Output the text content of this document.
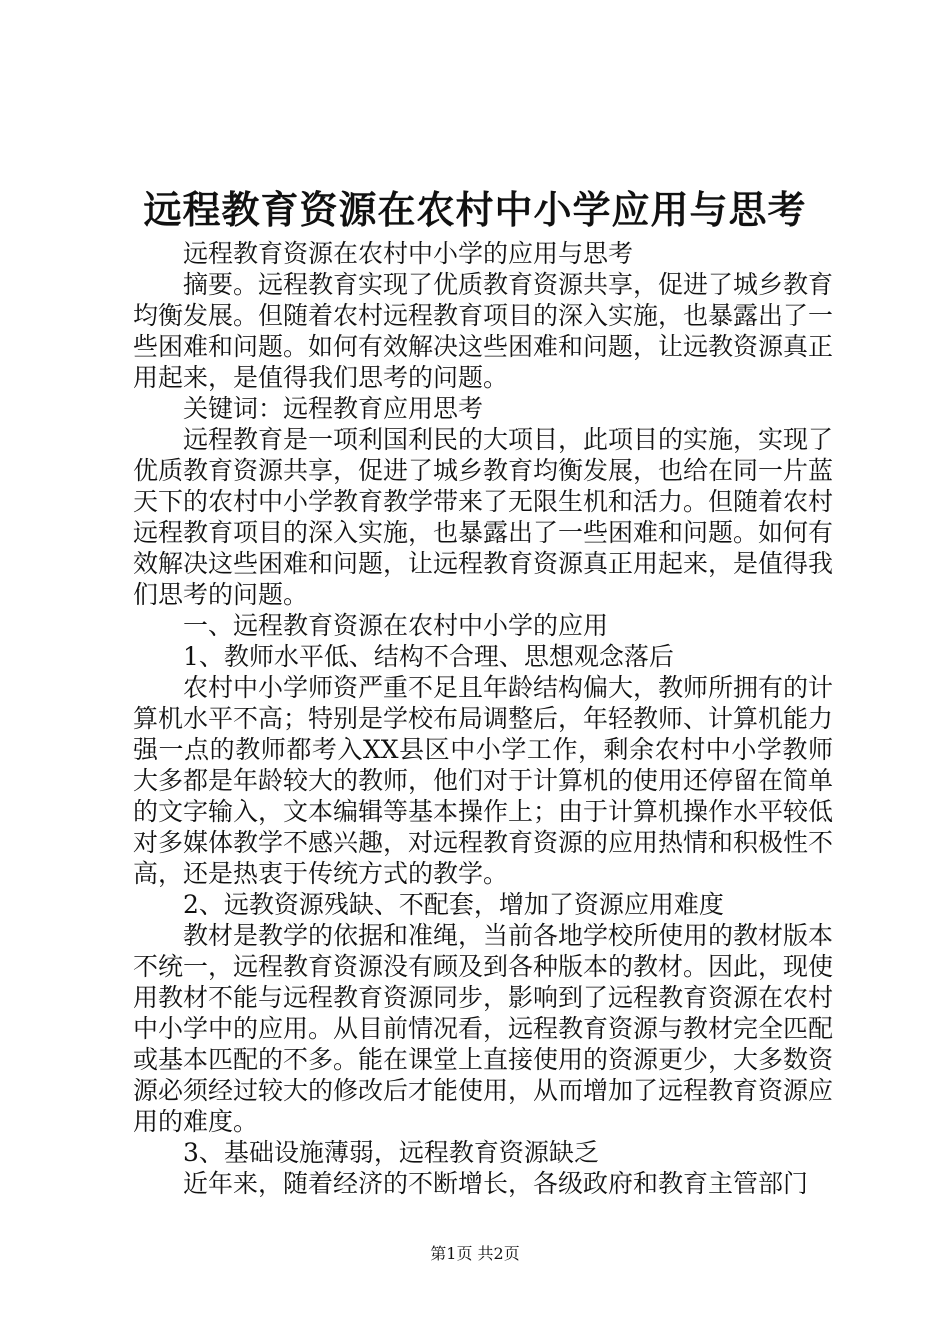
远程教育资源在农村中小学应用与思考

远程教育资源在农村中小学的应用与思考

摘要。远程教育实现了优质教育资源共享，促进了城乡教育均衡发展。但随着农村远程教育项目的深入实施，也暴露出了一些困难和问题。如何有效解决这些困难和问题，让远教资源真正用起来，是值得我们思考的问题。

关键词：远程教育应用思考

远程教育是一项利国利民的大项目，此项目的实施，实现了优质教育资源共享，促进了城乡教育均衡发展，也给在同一片蓝天下的农村中小学教育教学带来了无限生机和活力。但随着农村远程教育项目的深入实施，也暴露出了一些困难和问题。如何有效解决这些困难和问题，让远程教育资源真正用起来，是值得我们思考的问题。

一、远程教育资源在农村中小学的应用

1、教师水平低、结构不合理、思想观念落后

农村中小学师资严重不足且年龄结构偏大，教师所拥有的计算机水平不高；特别是学校布局调整后，年轻教师、计算机能力强一点的教师都考入XX县区中小学工作，剩余农村中小学教师大多都是年龄较大的教师，他们对于计算机的使用还停留在简单的文字输入，文本编辑等基本操作上；由于计算机操作水平较低对多媒体教学不感兴趣，对远程教育资源的应用热情和积极性不高，还是热衷于传统方式的教学。

2、远教资源残缺、不配套，增加了资源应用难度

教材是教学的依据和准绳，当前各地学校所使用的教材版本不统一，远程教育资源没有顾及到各种版本的教材。因此，现使用教材不能与远程教育资源同步，影响到了远程教育资源在农村中小学中的应用。从目前情况看，远程教育资源与教材完全匹配或基本匹配的不多。能在课堂上直接使用的资源更少，大多数资源必须经过较大的修改后才能使用，从而增加了远程教育资源应用的难度。

3、基础设施薄弱，远程教育资源缺乏

近年来，随着经济的不断增长，各级政府和教育主管部门

第1页 共2页
